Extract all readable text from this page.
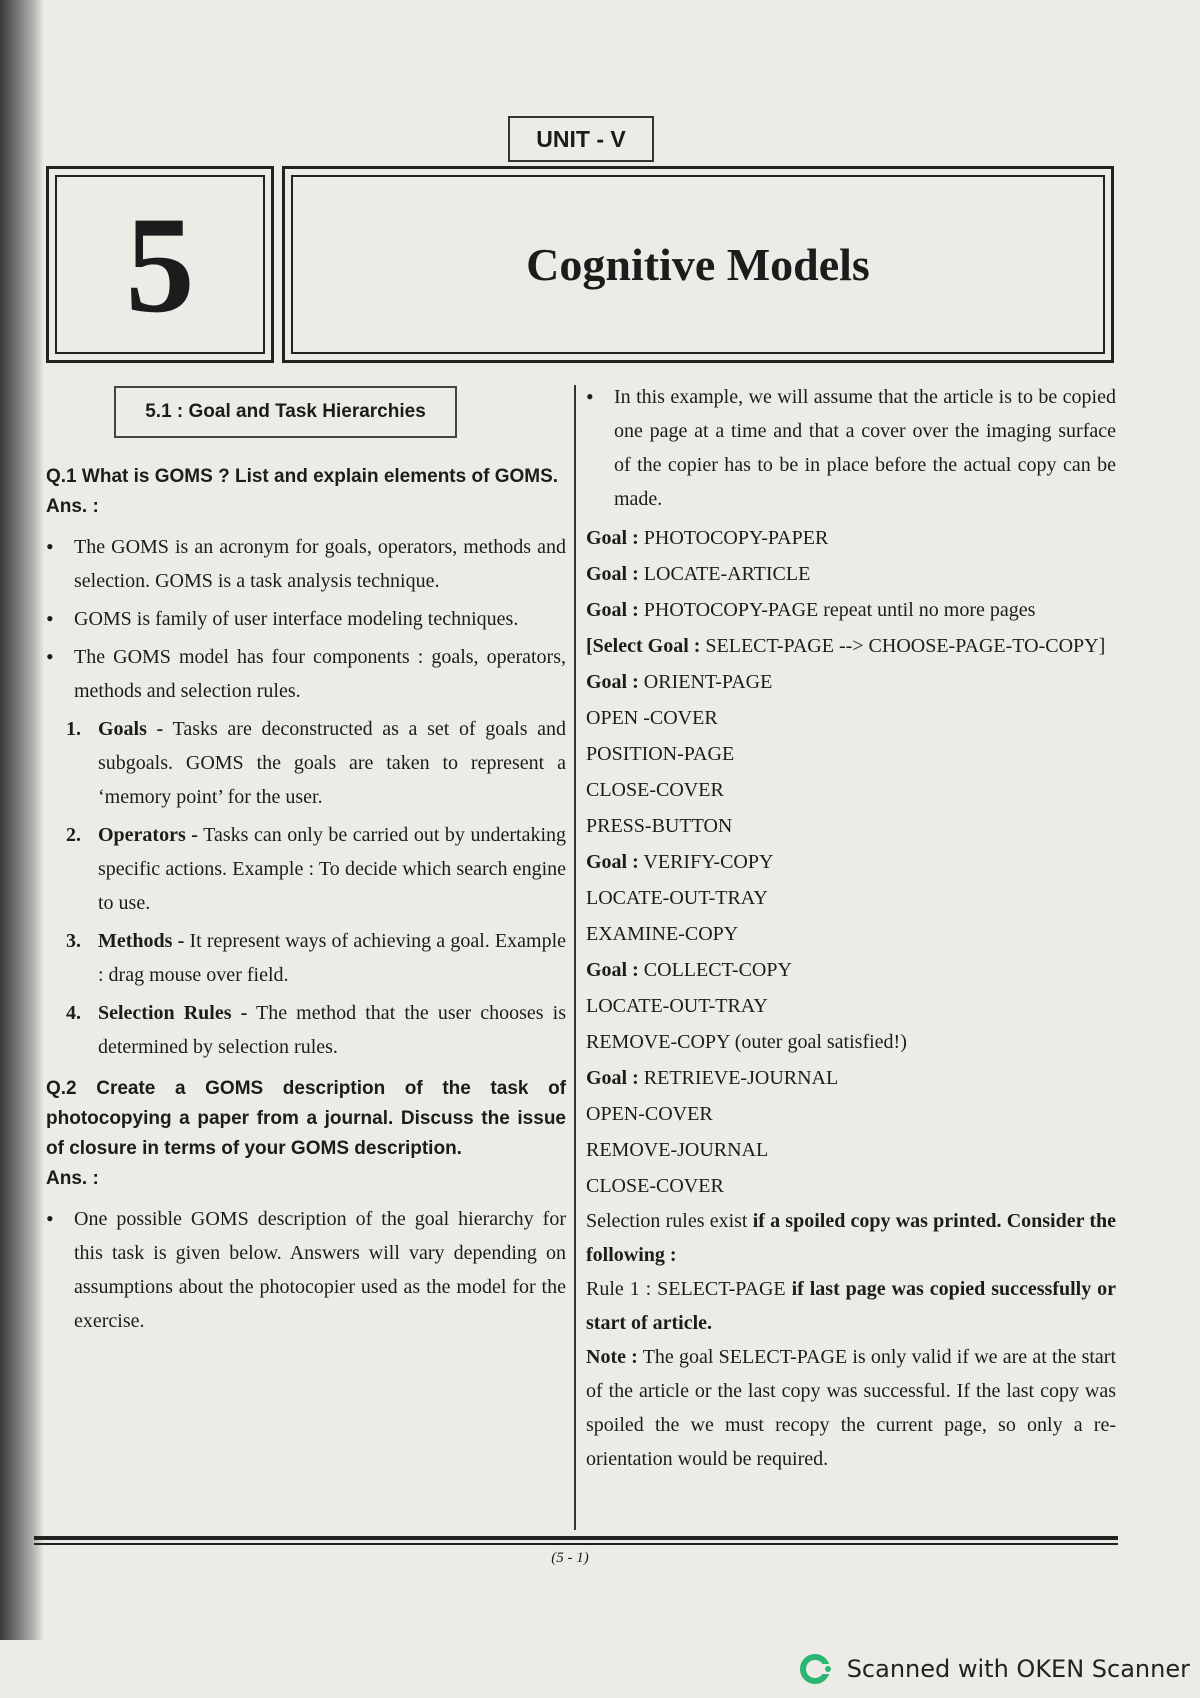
UNIT - V
5	Cognitive Models
5.1 : Goal and Task Hierarchies

Q.1 What is GOMS ? List and explain elements of GOMS.

Ans. :

•	The GOMS is an acronym for goals, operators, methods and selection. GOMS is a task analysis technique.

•	GOMS is family of user interface modeling techniques.

•	The GOMS model has four components : goals, operators, methods and selection rules.

1. Goals - Tasks are deconstructed as a set of goals and subgoals. GOMS the goals are taken to represent a ‘memory point’ for the user.

2. Operators - Tasks can only be carried out by undertaking specific actions. Example : To decide which search engine to use.

3. Methods - It represent ways of achieving a goal. Example : drag mouse over field.

4. Selection Rules - The method that the user chooses is determined by selection rules.

Q.2 Create a GOMS description of the task of photocopying a paper from a journal. Discuss the issue of closure in terms of your GOMS description.

Ans. :

•	One possible GOMS description of the goal hierarchy for this task is given below. Answers will vary depending on assumptions about the photocopier used as the model for the exercise.

•	In this example, we will assume that the article is to be copied one page at a time and that a cover over the imaging surface of the copier has to be in place before the actual copy can be made.

Goal : PHOTOCOPY-PAPER

Goal : LOCATE-ARTICLE

Goal : PHOTOCOPY-PAGE repeat until no more pages

[Select Goal : SELECT-PAGE --> CHOOSE-PAGE-TO-COPY]

Goal : ORIENT-PAGE

OPEN -COVER

POSITION-PAGE

CLOSE-COVER

PRESS-BUTTON

Goal : VERIFY-COPY

LOCATE-OUT-TRAY

EXAMINE-COPY

Goal : COLLECT-COPY

LOCATE-OUT-TRAY

REMOVE-COPY (outer goal satisfied!)

Goal : RETRIEVE-JOURNAL

OPEN-COVER

REMOVE-JOURNAL

CLOSE-COVER

Selection rules exist if a spoiled copy was printed. Consider the following :

Rule 1 : SELECT-PAGE if last page was copied successfully or start of article.

Note : The goal SELECT-PAGE is only valid if we are at the start of the article or the last copy was successful. If the last copy was spoiled the we must recopy the current page, so only a re-orientation would be required.

(5 - 1)
Scanned with OKEN Scanner
